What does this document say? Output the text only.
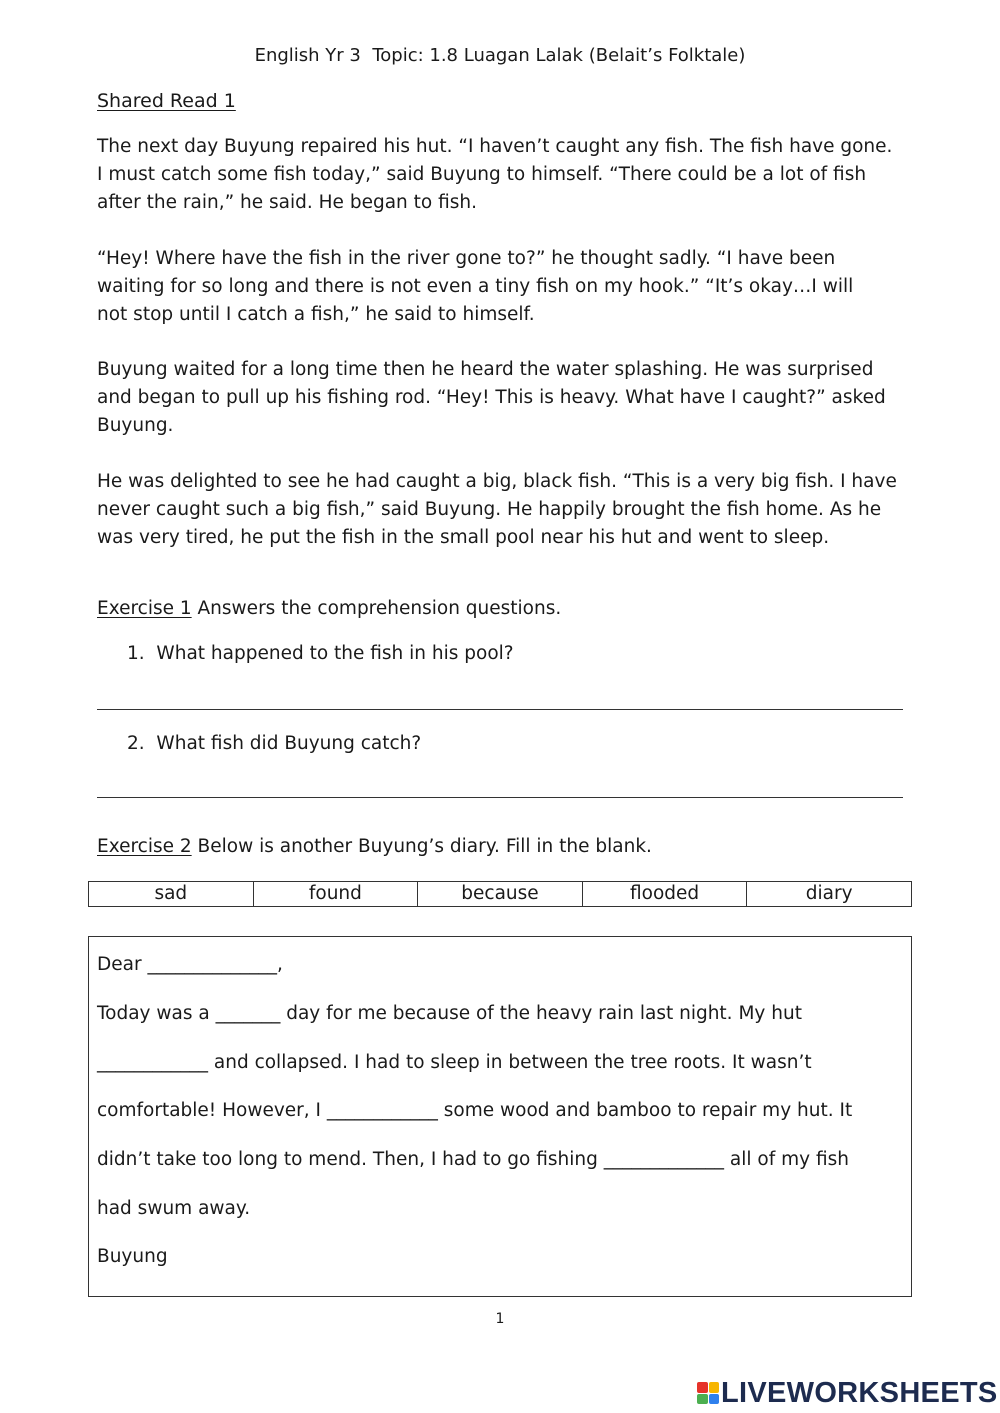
English Yr 3 Topic: 1.8 Luagan Lalak (Belait’s Folktale)
Shared Read 1
The next day Buyung repaired his hut. “I haven’t caught any fish. The fish have gone.
I must catch some fish today,” said Buyung to himself. “There could be a lot of fish
after the rain,” he said. He began to fish.
“Hey! Where have the fish in the river gone to?” he thought sadly. “I have been
waiting for so long and there is not even a tiny fish on my hook.” “It’s okay…I will
not stop until I catch a fish,” he said to himself.
Buyung waited for a long time then he heard the water splashing. He was surprised
and began to pull up his fishing rod. “Hey! This is heavy. What have I caught?” asked
Buyung.
He was delighted to see he had caught a big, black fish. “This is a very big fish. I have
never caught such a big fish,” said Buyung. He happily brought the fish home. As he
was very tired, he put the fish in the small pool near his hut and went to sleep.
Exercise 1 Answers the comprehension questions.
1. What happened to the fish in his pool?
2. What fish did Buyung catch?
Exercise 2 Below is another Buyung’s diary. Fill in the blank.
sad	found	because	flooded	diary
Dear ______________,
Today was a _______ day for me because of the heavy rain last night. My hut
____________ and collapsed. I had to sleep in between the tree roots. It wasn’t
comfortable! However, I ____________ some wood and bamboo to repair my hut. It
didn’t take too long to mend. Then, I had to go fishing _____________ all of my fish
had swum away.
Buyung
1
LIVEWORKSHEETS
